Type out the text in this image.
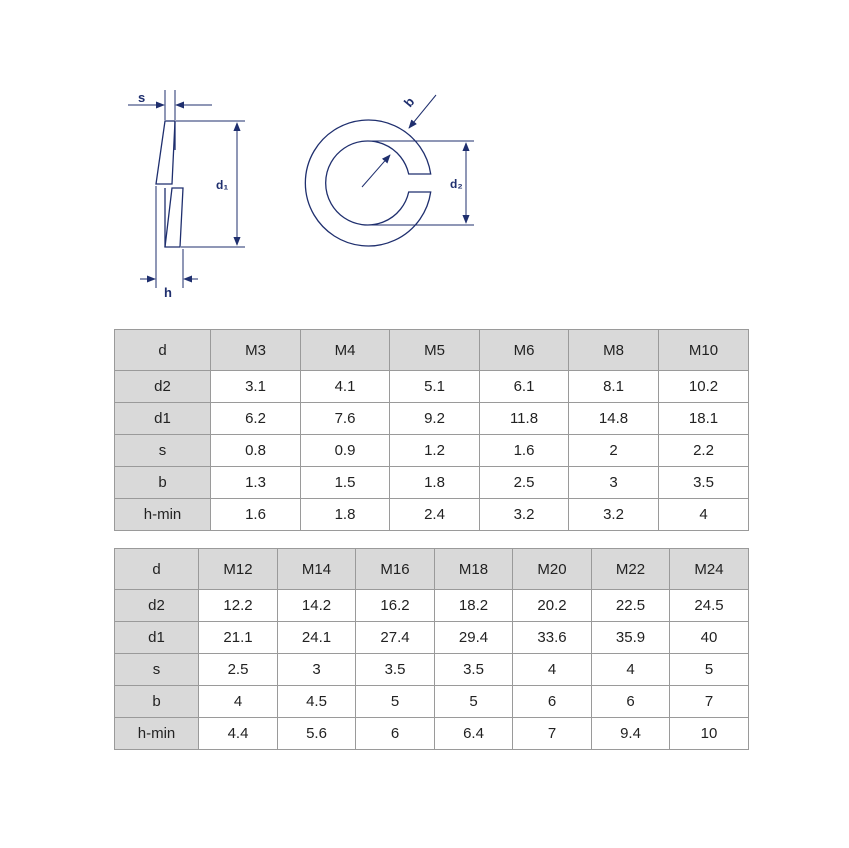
s
d₁
h
d₂
b
d	M3	M4	M5	M6	M8	M10
d2	3.1	4.1	5.1	6.1	8.1	10.2
d1	6.2	7.6	9.2	11.8	14.8	18.1
s	0.8	0.9	1.2	1.6	2	2.2
b	1.3	1.5	1.8	2.5	3	3.5
h-min	1.6	1.8	2.4	3.2	3.2	4
d	M12	M14	M16	M18	M20	M22	M24
d2	12.2	14.2	16.2	18.2	20.2	22.5	24.5
d1	21.1	24.1	27.4	29.4	33.6	35.9	40
s	2.5	3	3.5	3.5	4	4	5
b	4	4.5	5	5	6	6	7
h-min	4.4	5.6	6	6.4	7	9.4	10
